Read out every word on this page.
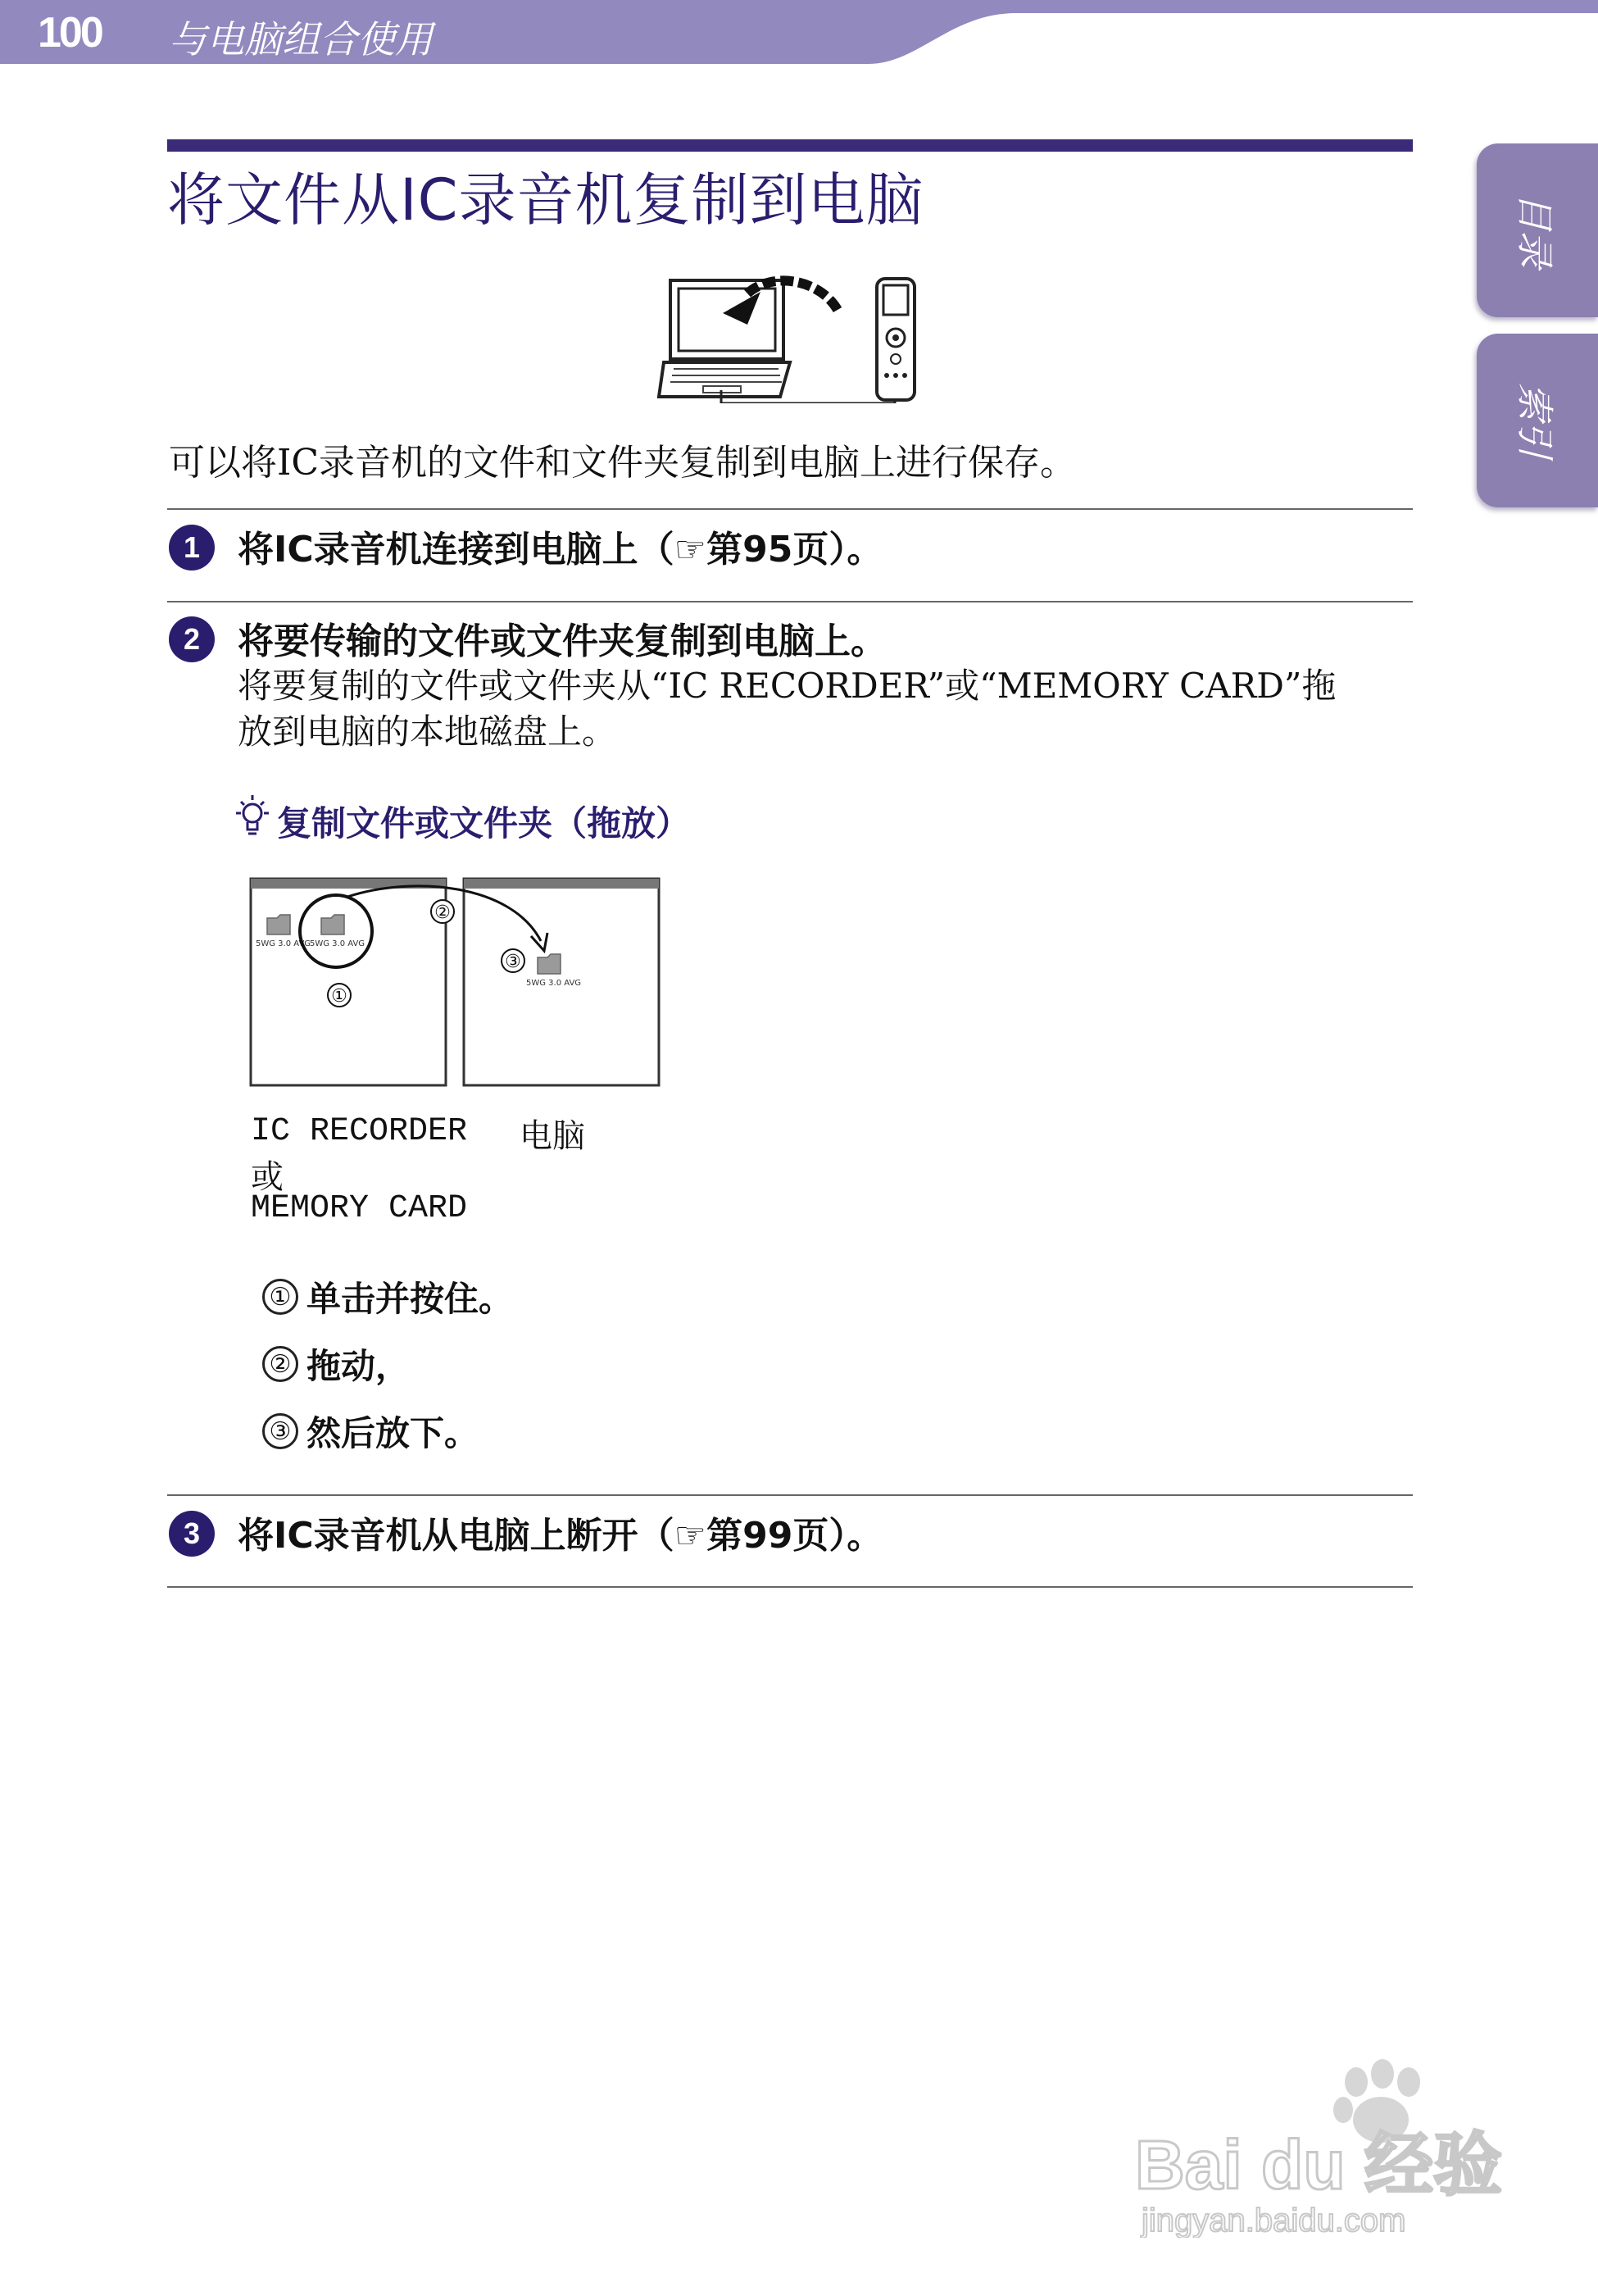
100 与电脑组合使用
目录
索引
将文件从IC录音机复制到电脑
可以将IC录音机的文件和文件夹复制到电脑上进行保存。
1	将IC录音机连接到电脑上（☞第95页）。
2	将要传输的文件或文件夹复制到电脑上。
将要复制的文件或文件夹从“IC RECORDER”或“MEMORY CARD”拖
放到电脑的本地磁盘上。
复制文件或文件夹（拖放）
5WG 3.0 AVG
5WG 3.0 AVG
5WG 3.0 AVG
①
②
③
IC RECORDER
或
MEMORY CARD
电脑
① 单击并按住。
② 拖动，
③ 然后放下。
3	将IC录音机从电脑上断开（☞第99页）。
Bai du 经验
jingyan.baidu.com
